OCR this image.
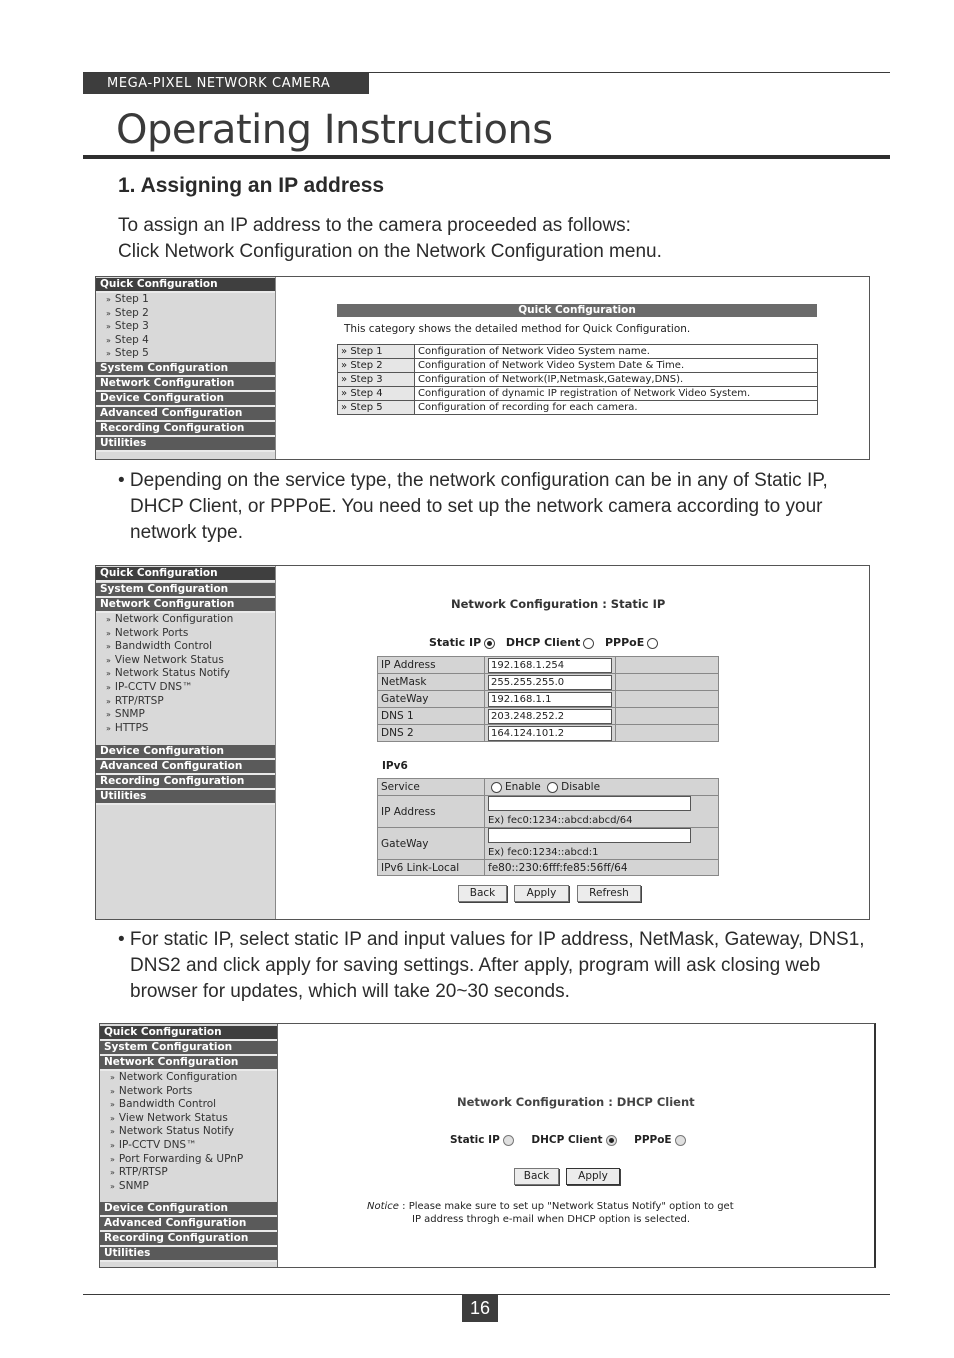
MEGA-PIXEL NETWORK CAMERA
Operating Instructions
1. Assigning an IP address
To assign an IP address to the camera proceeded as follows:
Click Network Configuration on the Network Configuration menu.
Quick Configuration
» Step 1
» Step 2
» Step 3
» Step 4
» Step 5
System Configuration
Network Configuration
Device Configuration
Advanced Configuration
Recording Configuration
Utilities
Quick Configuration
This category shows the detailed method for Quick Configuration.
» Step 1	Configuration of Network Video System name.
» Step 2	Configuration of Network Video System Date & Time.
» Step 3	Configuration of Network(IP,Netmask,Gateway,DNS).
» Step 4	Configuration of dynamic IP registration of Network Video System.
» Step 5	Configuration of recording for each camera.
• Depending on the service type, the network configuration can be in any of Static IP, DHCP Client, or PPPoE. You need to set up the network camera according to your network type.
Quick Configuration
System Configuration
Network Configuration
» Network Configuration
» Network Ports
» Bandwidth Control
» View Network Status
» Network Status Notify
» IP-CCTV DNS™
» RTP/RTSP
» SNMP
» HTTPS
Device Configuration
Advanced Configuration
Recording Configuration
Utilities
Network Configuration : Static IP
Static IP DHCP Client PPPoE
IP Address	192.168.1.254	
NetMask	255.255.255.0	
GateWay	192.168.1.1	
DNS 1	203.248.252.2	
DNS 2	164.124.101.2	
IPv6
Service	Enable Disable
IP Address	Ex) fec0:1234::abcd:abcd/64
GateWay	Ex) fec0:1234::abcd:1
IPv6 Link-Local	fe80::230:6fff:fe85:56ff/64
Back	Apply	Refresh
• For static IP, select static IP and input values for IP address, NetMask, Gateway, DNS1, DNS2 and click apply for saving settings. After apply, program will ask closing web browser for updates, which will take 20~30 seconds.
Quick Configuration
System Configuration
Network Configuration
» Network Configuration
» Network Ports
» Bandwidth Control
» View Network Status
» Network Status Notify
» IP-CCTV DNS™
» Port Forwarding & UPnP
» RTP/RTSP
» SNMP
Device Configuration
Advanced Configuration
Recording Configuration
Utilities
Network Configuration : DHCP Client
Static IP	DHCP Client	PPPoE
Back	Apply
Notice : Please make sure to set up "Network Status Notify" option to get
IP address throgh e-mail when DHCP option is selected.
16
